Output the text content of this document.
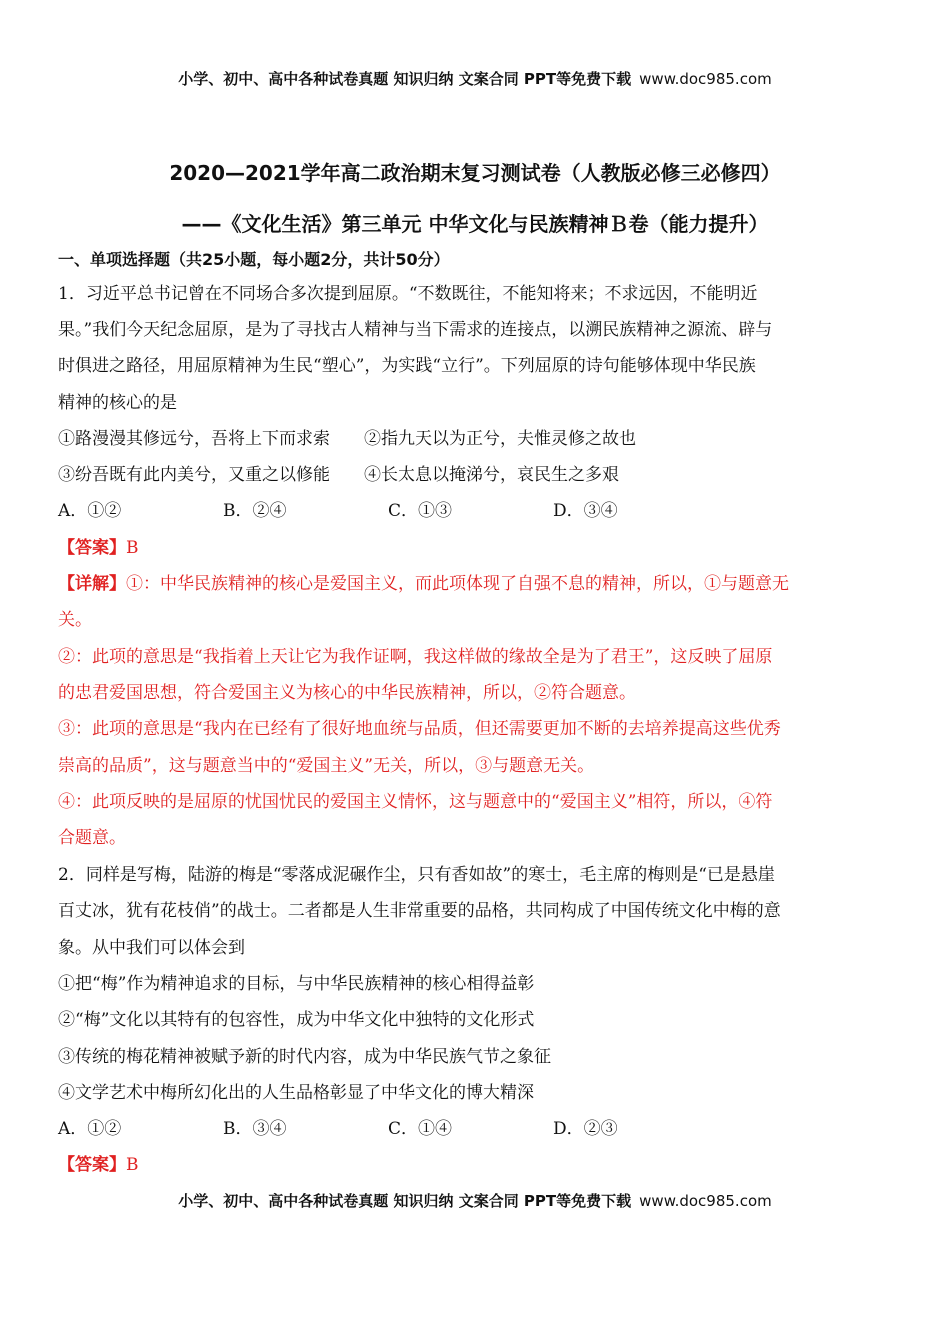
小学、初中、高中各种试卷真题 知识归纳 文案合同 PPT等免费下载 www.doc985.com
2020—2021学年高二政治期末复习测试卷（人教版必修三必修四）
——《文化生活》第三单元 中华文化与民族精神Ｂ卷（能力提升）
一、单项选择题（共25小题，每小题2分，共计50分）
1．习近平总书记曾在不同场合多次提到屈原。“不数既往，不能知将来；不求远因，不能明近
果。”我们今天纪念屈原，是为了寻找古人精神与当下需求的连接点，以溯民族精神之源流、辟与
时俱进之路径，用屈原精神为生民“塑心”，为实践“立行”。下列屈原的诗句能够体现中华民族
精神的核心的是
①路漫漫其修远兮，吾将上下而求索　　②指九天以为正兮，夫惟灵修之故也
③纷吾既有此内美兮，又重之以修能　　④长太息以掩涕兮，哀民生之多艰
A．①②	B．②④	C．①③	D．③④
【答案】B
【详解】①：中华民族精神的核心是爱国主义，而此项体现了自强不息的精神，所以，①与题意无
关。
②：此项的意思是“我指着上天让它为我作证啊，我这样做的缘故全是为了君王”，这反映了屈原
的忠君爱国思想，符合爱国主义为核心的中华民族精神，所以，②符合题意。
③：此项的意思是“我内在已经有了很好地血统与品质，但还需要更加不断的去培养提高这些优秀
崇高的品质”，这与题意当中的“爱国主义”无关，所以，③与题意无关。
④：此项反映的是屈原的忧国忧民的爱国主义情怀，这与题意中的“爱国主义”相符，所以，④符
合题意。
2．同样是写梅，陆游的梅是“零落成泥碾作尘，只有香如故”的寒士，毛主席的梅则是“已是悬崖
百丈冰，犹有花枝俏”的战士。二者都是人生非常重要的品格，共同构成了中国传统文化中梅的意
象。从中我们可以体会到
①把“梅”作为精神追求的目标，与中华民族精神的核心相得益彰
②“梅”文化以其特有的包容性，成为中华文化中独特的文化形式
③传统的梅花精神被赋予新的时代内容，成为中华民族气节之象征
④文学艺术中梅所幻化出的人生品格彰显了中华文化的博大精深
A．①②	B．③④	C．①④	D．②③
【答案】B
小学、初中、高中各种试卷真题 知识归纳 文案合同 PPT等免费下载 www.doc985.com
